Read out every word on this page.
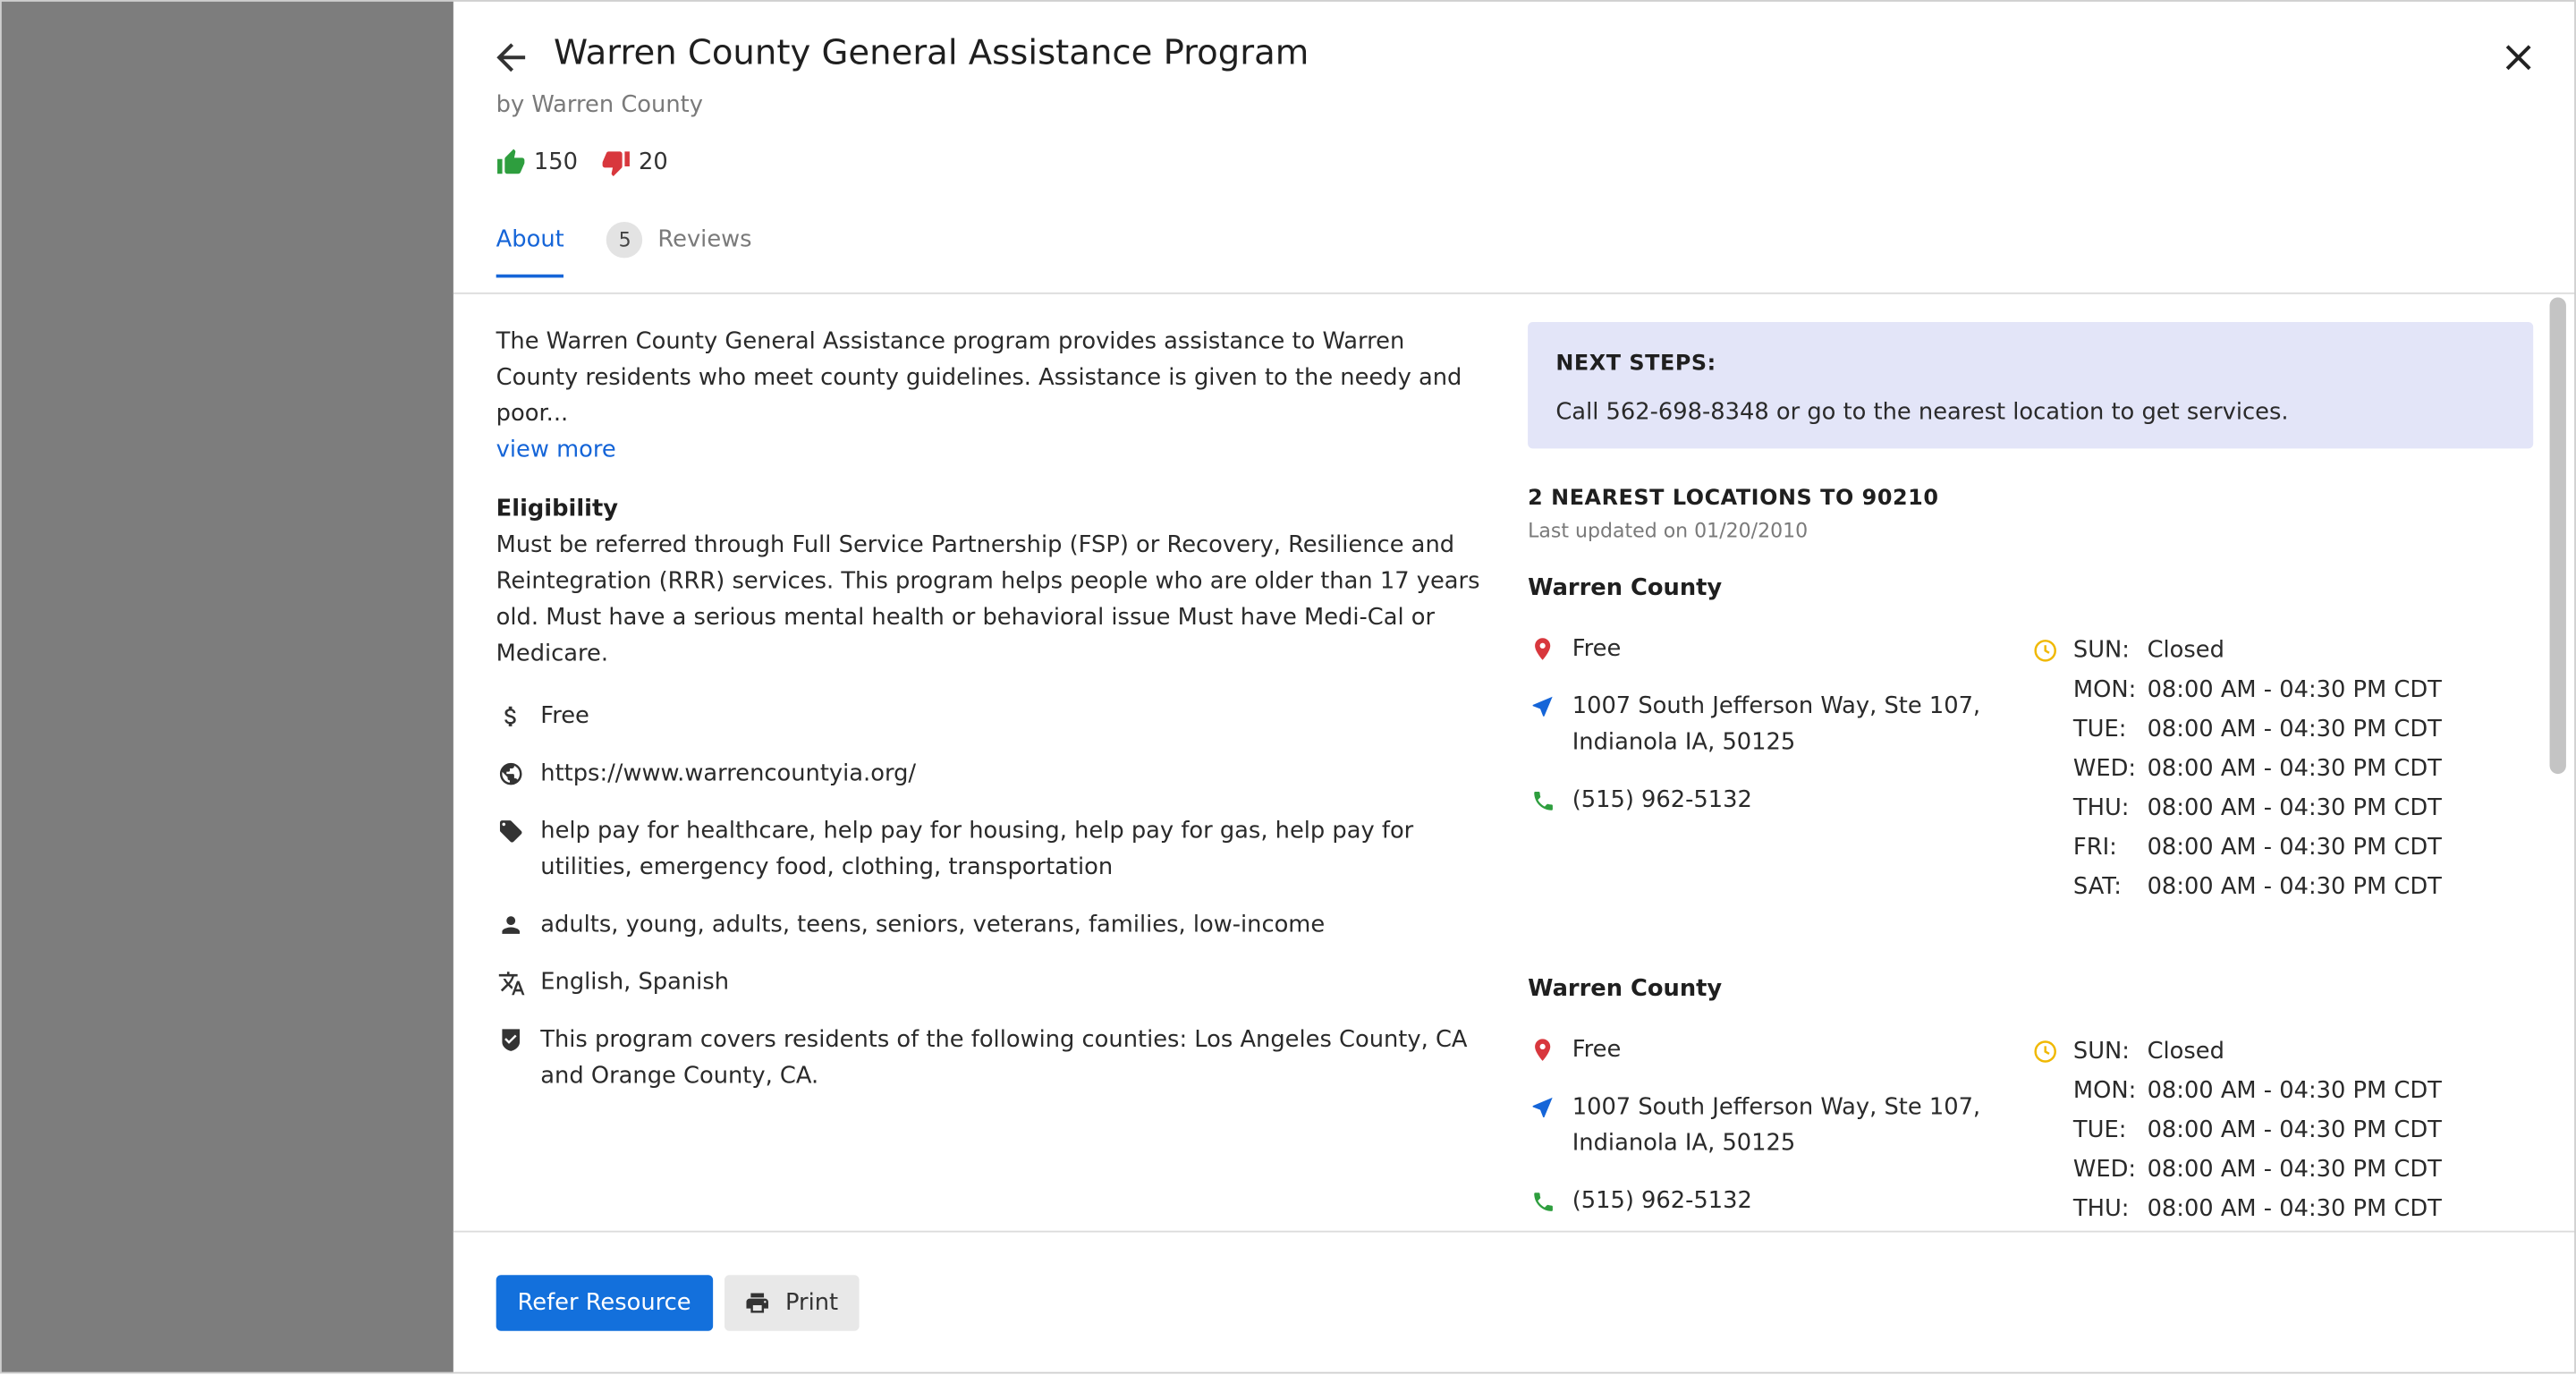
Warren County General Assistance Program
by Warren County
150	20
About	5	Reviews

The Warren County General Assistance program provides assistance to Warren County residents who meet county guidelines. Assistance is given to the needy and poor...

view more
Eligibility

Must be referred through Full Service Partnership (FSP) or Recovery, Resilience and Reintegration (RRR) services. This program helps people who are older than 17 years old. Must have a serious mental health or behavioral issue Must have Medi-Cal or Medicare.

Free
https://www.warrencountyia.org/
help pay for healthcare, help pay for housing, help pay for gas, help pay for utilities, emergency food, clothing, transportation
adults, young, adults, teens, seniors, veterans, families, low-income
English, Spanish
This program covers residents of the following counties: Los Angeles County, CA and Orange County, CA.
NEXT STEPS:
Call 562-698-8348 or go to the nearest location to get services.
2 NEAREST LOCATIONS TO 90210
Last updated on 01/20/2010
Warren County
Free
1007 South Jefferson Way, Ste 107,
Indianola IA, 50125
(515) 962-5132
SUN: Closed
MON: 08:00 AM - 04:30 PM CDT
TUE: 08:00 AM - 04:30 PM CDT
WED: 08:00 AM - 04:30 PM CDT
THU: 08:00 AM - 04:30 PM CDT
FRI: 08:00 AM - 04:30 PM CDT
SAT: 08:00 AM - 04:30 PM CDT
Warren County
Free
1007 South Jefferson Way, Ste 107,
Indianola IA, 50125
(515) 962-5132
SUN: Closed
MON: 08:00 AM - 04:30 PM CDT
TUE: 08:00 AM - 04:30 PM CDT
WED: 08:00 AM - 04:30 PM CDT
THU: 08:00 AM - 04:30 PM CDT
Refer Resource	Print
